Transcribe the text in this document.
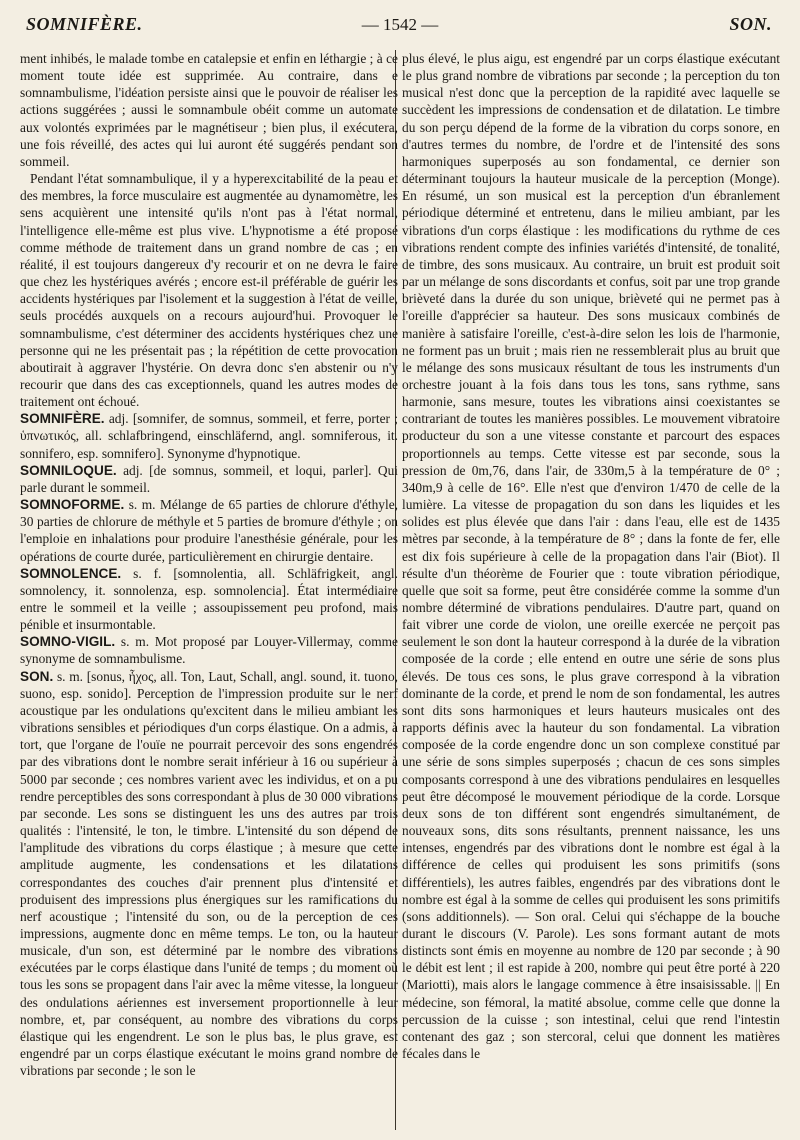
SOMNIFÈRE.	— 1542 —	SON.

ment inhibés, le malade tombe en catalepsie et enfin en léthargie ; à ce moment toute idée est supprimée. Au contraire, dans e somnambulisme, l'idéation persiste ainsi que le pouvoir de réaliser les actions suggérées ; aussi le somnambule obéit comme un automate aux volontés exprimées par le magnétiseur ; bien plus, il exécutera, une fois réveillé, des actes qui lui auront été suggérés pendant son sommeil.

Pendant l'état somnambulique, il y a hyperexcitabilité de la peau et des membres, la force musculaire est augmentée au dynamomètre, les sens acquièrent une intensité qu'ils n'ont pas à l'état normal, l'intelligence elle-même est plus vive. L'hypnotisme a été proposé comme méthode de traitement dans un grand nombre de cas ; en réalité, il est toujours dangereux d'y recourir et on ne devra le faire que chez les hystériques avérés ; encore est-il préférable de guérir les accidents hystériques par l'isolement et la suggestion à l'état de veille, seuls procédés auxquels on a recours aujourd'hui. Provoquer le somnambulisme, c'est déterminer des accidents hystériques chez une personne qui ne les présentait pas ; la répétition de cette provocation aboutirait à aggraver l'hystérie. On devra donc s'en abstenir ou n'y recourir que dans des cas exceptionnels, quand les autres modes de traitement ont échoué.

SOMNIFÈRE. adj. [somnifer, de somnus, sommeil, et ferre, porter ; ὑπνωτικός, all. schlafbringend, einschläfernd, angl. somniferous, it. sonnifero, esp. somnifero]. Synonyme d'hypnotique.

SOMNILOQUE. adj. [de somnus, sommeil, et loqui, parler]. Qui parle durant le sommeil.

SOMNOFORME. s. m. Mélange de 65 parties de chlorure d'éthyle, 30 parties de chlorure de méthyle et 5 parties de bromure d'éthyle ; on l'emploie en inhalations pour produire l'anesthésie générale, pour les opérations de courte durée, particulièrement en chirurgie dentaire.

SOMNOLENCE. s. f. [somnolentia, all. Schläfrigkeit, angl. somnolency, it. sonnolenza, esp. somnolencia]. État intermédiaire entre le sommeil et la veille ; assoupissement peu profond, mais pénible et insurmontable.

SOMNO-VIGIL. s. m. Mot proposé par Louyer-Villermay, comme synonyme de somnambulisme.

SON. s. m. [sonus, ἦχος, all. Ton, Laut, Schall, angl. sound, it. tuono, suono, esp. sonido]. Perception de l'impression produite sur le nerf acoustique par les ondulations qu'excitent dans le milieu ambiant les vibrations sensibles et périodiques d'un corps élastique. On a admis, à tort, que l'organe de l'ouïe ne pourrait percevoir des sons engendrés par des vibrations dont le nombre serait inférieur à 16 ou supérieur à 5000 par seconde ; ces nombres varient avec les individus, et on a pu rendre perceptibles des sons correspondant à plus de 30 000 vibrations par seconde. Les sons se distinguent les uns des autres par trois qualités : l'intensité, le ton, le timbre. L'intensité du son dépend de l'amplitude des vibrations du corps élastique ; à mesure que cette amplitude augmente, les condensations et les dilatations correspondantes des couches d'air prennent plus d'intensité et produisent des impressions plus énergiques sur les ramifications du nerf acoustique ; l'intensité du son, ou de la perception de ces impressions, augmente donc en même temps. Le ton, ou la hauteur musicale, d'un son, est déterminé par le nombre des vibrations exécutées par le corps élastique dans l'unité de temps ; du moment où tous les sons se propagent dans l'air avec la même vitesse, la longueur des ondulations aériennes est inversement proportionnelle à leur nombre, et, par conséquent, au nombre des vibrations du corps élastique qui les engendrent. Le son le plus bas, le plus grave, est engendré par un corps élastique exécutant le moins grand nombre de vibrations par seconde ; le son le

plus élevé, le plus aigu, est engendré par un corps élastique exécutant le plus grand nombre de vibrations par seconde ; la perception du ton musical n'est donc que la perception de la rapidité avec laquelle se succèdent les impressions de condensation et de dilatation. Le timbre du son perçu dépend de la forme de la vibration du corps sonore, en d'autres termes du nombre, de l'ordre et de l'intensité des sons harmoniques superposés au son fondamental, ce dernier son déterminant toujours la hauteur musicale de la perception (Monge). En résumé, un son musical est la perception d'un ébranlement périodique déterminé et entretenu, dans le milieu ambiant, par les vibrations d'un corps élastique : les modifications du rythme de ces vibrations rendent compte des infinies variétés d'intensité, de tonalité, de timbre, des sons musicaux. Au contraire, un bruit est produit soit par un mélange de sons discordants et confus, soit par une trop grande brièveté dans la durée du son unique, brièveté qui ne permet pas à l'oreille d'apprécier sa hauteur. Des sons musicaux combinés de manière à satisfaire l'oreille, c'est-à-dire selon les lois de l'harmonie, ne forment pas un bruit ; mais rien ne ressemblerait plus au bruit que le mélange des sons musicaux résultant de tous les instruments d'un orchestre jouant à la fois dans tous les tons, sans rythme, sans harmonie, sans mesure, toutes les vibrations ainsi coexistantes se contrariant de toutes les manières possibles. Le mouvement vibratoire producteur du son a une vitesse constante et parcourt des espaces proportionnels au temps. Cette vitesse est par seconde, sous la pression de 0m,76, dans l'air, de 330m,5 à la température de 0° ; 340m,9 à celle de 16°. Elle n'est que d'environ 1/470 de celle de la lumière. La vitesse de propagation du son dans les liquides et les solides est plus élevée que dans l'air : dans l'eau, elle est de 1435 mètres par seconde, à la température de 8° ; dans la fonte de fer, elle est dix fois supérieure à celle de la propagation dans l'air (Biot). Il résulte d'un théorème de Fourier que : toute vibration périodique, quelle que soit sa forme, peut être considérée comme la somme d'un nombre déterminé de vibrations pendulaires. D'autre part, quand on fait vibrer une corde de violon, une oreille exercée ne perçoit pas seulement le son dont la hauteur correspond à la durée de la vibration composée de la corde ; elle entend en outre une série de sons plus élevés. De tous ces sons, le plus grave correspond à la vibration dominante de la corde, et prend le nom de son fondamental, les autres sont dits sons harmoniques et leurs hauteurs musicales ont des rapports définis avec la hauteur du son fondamental. La vibration composée de la corde engendre donc un son complexe constitué par une série de sons simples superposés ; chacun de ces sons simples composants correspond à une des vibrations pendulaires en lesquelles peut être décomposé le mouvement périodique de la corde. Lorsque deux sons de ton différent sont engendrés simultanément, de nouveaux sons, dits sons résultants, prennent naissance, les uns intenses, engendrés par des vibrations dont le nombre est égal à la différence de celles qui produisent les sons primitifs (sons différentiels), les autres faibles, engendrés par des vibrations dont le nombre est égal à la somme de celles qui produisent les sons primitifs (sons additionnels). — Son oral. Celui qui s'échappe de la bouche durant le discours (V. Parole). Les sons formant autant de mots distincts sont émis en moyenne au nombre de 120 par seconde ; à 90 le débit est lent ; il est rapide à 200, nombre qui peut être porté à 220 (Mariotti), mais alors le langage commence à être insaisissable. || En médecine, son fémoral, la matité absolue, comme celle que donne la percussion de la cuisse ; son intestinal, celui que rend l'intestin contenant des gaz ; son stercoral, celui que donnent les matières fécales dans le
